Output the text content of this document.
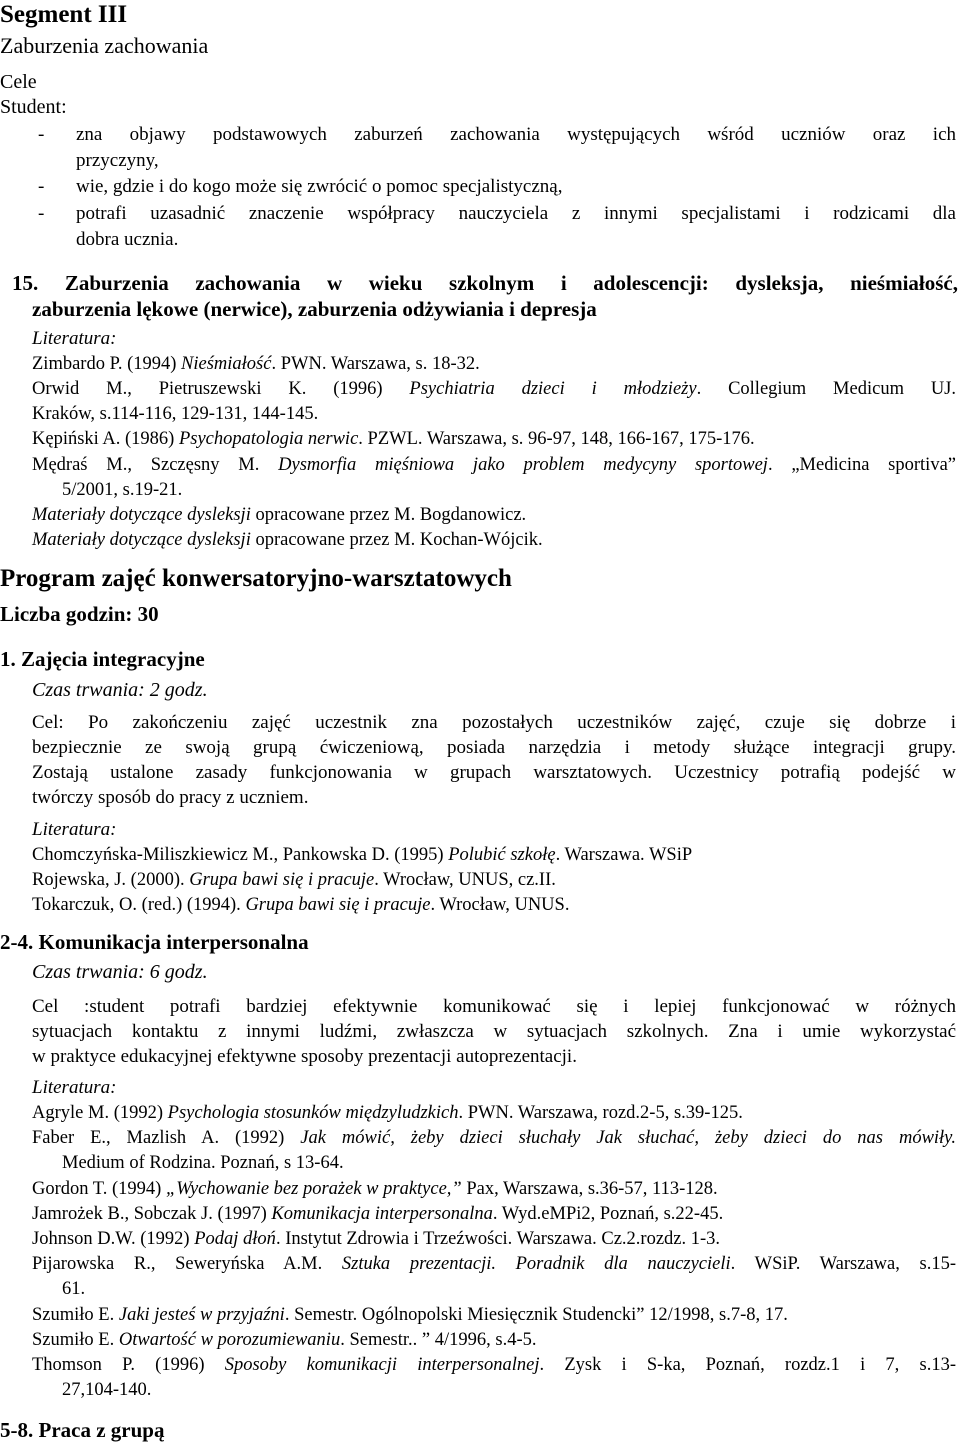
Segment III
Zaburzenia zachowania
Cele
Student:
- zna objawy podstawowych zaburzeń zachowania występujących wśród uczniów oraz ich
przyczyny,
- wie, gdzie i do kogo może się zwrócić o pomoc specjalistyczną,
- potrafi uzasadnić znaczenie współpracy nauczyciela z innymi specjalistami i rodzicami dla
dobra ucznia.
15. Zaburzenia zachowania w wieku szkolnym i adolescencji: dysleksja, nieśmiałość,
zaburzenia lękowe (nerwice), zaburzenia odżywiania i depresja
Literatura:
Zimbardo P. (1994) Nieśmiałość. PWN. Warszawa, s. 18-32.
Orwid M., Pietruszewski K. (1996) Psychiatria dzieci i młodzieży. Collegium Medicum UJ.
Kraków, s.114-116, 129-131, 144-145.
Kępiński A. (1986) Psychopatologia nerwic. PZWL. Warszawa, s. 96-97, 148, 166-167, 175-176.
Mędraś M., Szczęsny M. Dysmorfia mięśniowa jako problem medycyny sportowej. „Medicina sportiva”
5/2001, s.19-21.
Materiały dotyczące dysleksji opracowane przez M. Bogdanowicz.
Materiały dotyczące dysleksji opracowane przez M. Kochan-Wójcik.
Program zajęć konwersatoryjno-warsztatowych
Liczba godzin: 30
1. Zajęcia integracyjne
Czas trwania: 2 godz.
Cel: Po zakończeniu zajęć uczestnik zna pozostałych uczestników zajęć, czuje się dobrze i
bezpiecznie ze swoją grupą ćwiczeniową, posiada narzędzia i metody służące integracji grupy.
Zostają ustalone zasady funkcjonowania w grupach warsztatowych. Uczestnicy potrafią podejść w
twórczy sposób do pracy z uczniem.
Literatura:
Chomczyńska-Miliszkiewicz M., Pankowska D. (1995) Polubić szkołę. Warszawa. WSiP
Rojewska, J. (2000). Grupa bawi się i pracuje. Wrocław, UNUS, cz.II.
Tokarczuk, O. (red.) (1994). Grupa bawi się i pracuje. Wrocław, UNUS.
2-4. Komunikacja interpersonalna
Czas trwania: 6 godz.
Cel :student potrafi bardziej efektywnie komunikować się i lepiej funkcjonować w różnych
sytuacjach kontaktu z innymi ludźmi, zwłaszcza w sytuacjach szkolnych. Zna i umie wykorzystać
w praktyce edukacyjnej efektywne sposoby prezentacji autoprezentacji.
Literatura:
Agryle M. (1992) Psychologia stosunków międzyludzkich. PWN. Warszawa, rozd.2-5, s.39-125.
Faber E., Mazlish A. (1992) Jak mówić, żeby dzieci słuchały Jak słuchać, żeby dzieci do nas mówiły.
Medium of Rodzina. Poznań, s 13-64.
Gordon T. (1994) „Wychowanie bez porażek w praktyce,” Pax, Warszawa, s.36-57, 113-128.
Jamrożek B., Sobczak J. (1997) Komunikacja interpersonalna. Wyd.eMPi2, Poznań, s.22-45.
Johnson D.W. (1992) Podaj dłoń. Instytut Zdrowia i Trzeźwości. Warszawa. Cz.2.rozdz. 1-3.
Pijarowska R., Seweryńska A.M. Sztuka prezentacji. Poradnik dla nauczycieli. WSiP. Warszawa, s.15-
61.
Szumiło E. Jaki jesteś w przyjaźni. Semestr. Ogólnopolski Miesięcznik Studencki” 12/1998, s.7-8, 17.
Szumiło E. Otwartość w porozumiewaniu. Semestr.. ” 4/1996, s.4-5.
Thomson P. (1996) Sposoby komunikacji interpersonalnej. Zysk i S-ka, Poznań, rozdz.1 i 7, s.13-
27,104-140.
5-8. Praca z grupą
